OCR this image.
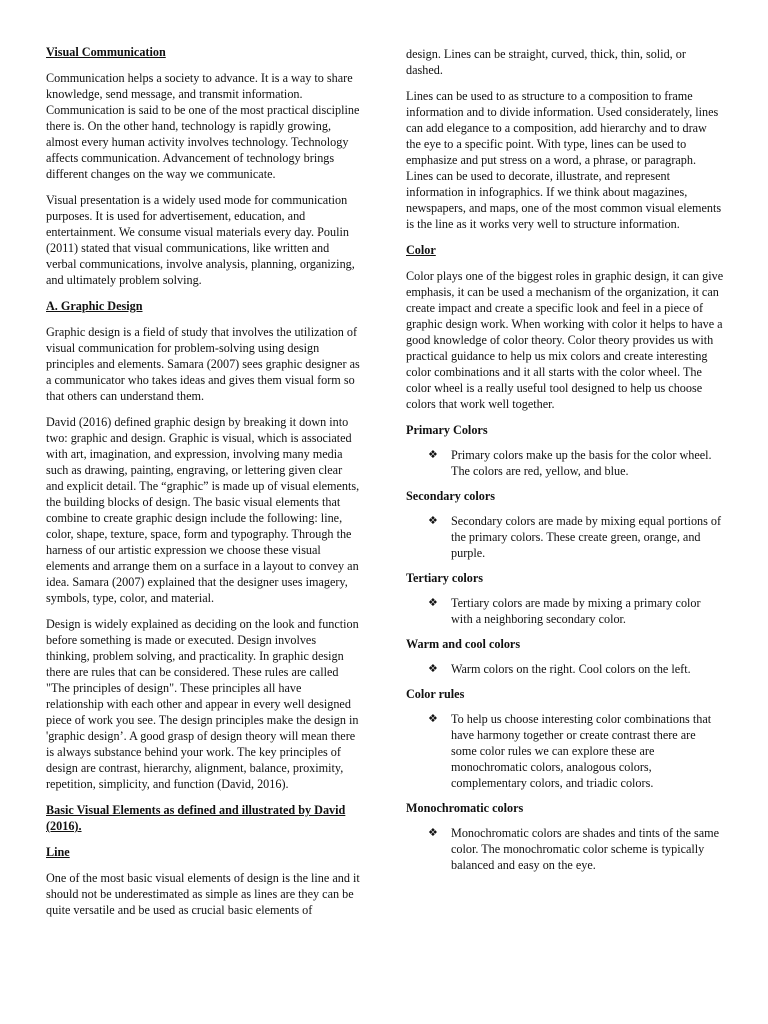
Visual Communication

Communication helps a society to advance. It is a way to share knowledge, send message, and transmit information. Communication is said to be one of the most practical discipline there is. On the other hand, technology is rapidly growing, almost every human activity involves technology. Technology affects communication. Advancement of technology brings different changes on the way we communicate.

Visual presentation is a widely used mode for communication purposes. It is used for advertisement, education, and entertainment. We consume visual materials every day. Poulin (2011) stated that visual communications, like written and verbal communications, involve analysis, planning, organizing, and ultimately problem solving.

A. Graphic Design

Graphic design is a field of study that involves the utilization of visual communication for problem-solving using design principles and elements. Samara (2007) sees graphic designer as a communicator who takes ideas and gives them visual form so that others can understand them.

David (2016) defined graphic design by breaking it down into two: graphic and design. Graphic is visual, which is associated with art, imagination, and expression, involving many media such as drawing, painting, engraving, or lettering given clear and explicit detail. The “graphic” is made up of visual elements, the building blocks of design. The basic visual elements that combine to create graphic design include the following: line, color, shape, texture, space, form and typography. Through the harness of our artistic expression we choose these visual elements and arrange them on a surface in a layout to convey an idea. Samara (2007) explained that the designer uses imagery, symbols, type, color, and material.

Design is widely explained as deciding on the look and function before something is made or executed. Design involves thinking, problem solving, and practicality. In graphic design there are rules that can be considered. These rules are called "The principles of design". These principles all have relationship with each other and appear in every well designed piece of work you see. The design principles make the design in 'graphic design’. A good grasp of design theory will mean there is always substance behind your work. The key principles of design are contrast, hierarchy, alignment, balance, proximity, repetition, simplicity, and function (David, 2016).

Basic Visual Elements as defined and illustrated by David (2016).
Line

One of the most basic visual elements of design is the line and it should not be underestimated as simple as lines are they can be quite versatile and be used as crucial basic elements of

design. Lines can be straight, curved, thick, thin, solid, or dashed.

Lines can be used to as structure to a composition to frame information and to divide information. Used considerately, lines can add elegance to a composition, add hierarchy and to draw the eye to a specific point. With type, lines can be used to emphasize and put stress on a word, a phrase, or paragraph. Lines can be used to decorate, illustrate, and represent information in infographics. If we think about magazines, newspapers, and maps, one of the most common visual elements is the line as it works very well to structure information.

Color

Color plays one of the biggest roles in graphic design, it can give emphasis, it can be used a mechanism of the organization, it can create impact and create a specific look and feel in a piece of graphic design work. When working with color it helps to have a good knowledge of color theory. Color theory provides us with practical guidance to help us mix colors and create interesting color combinations and it all starts with the color wheel. The color wheel is a really useful tool designed to help us choose colors that work well together.

Primary Colors
❖	Primary colors make up the basis for the color wheel. The colors are red, yellow, and blue.
Secondary colors
❖	Secondary colors are made by mixing equal portions of the primary colors. These create green, orange, and purple.
Tertiary colors
❖	Tertiary colors are made by mixing a primary color with a neighboring secondary color.
Warm and cool colors
❖	Warm colors on the right. Cool colors on the left.
Color rules
❖	To help us choose interesting color combinations that have harmony together or create contrast there are some color rules we can explore these are monochromatic colors, analogous colors, complementary colors, and triadic colors.
Monochromatic colors
❖	Monochromatic colors are shades and tints of the same color. The monochromatic color scheme is typically balanced and easy on the eye.
